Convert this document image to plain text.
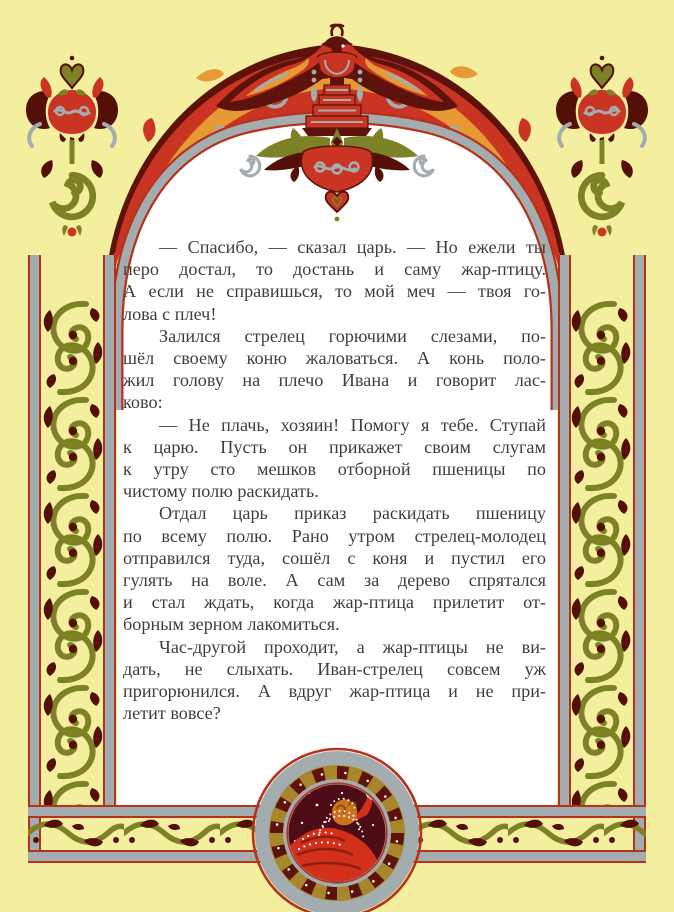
— Спасибо, — сказал царь. — Но ежели ты
перо достал, то достань и саму жар-птицу.
А если не справишься, то мой меч — твоя го-
лова с плеч!
Залился стрелец горючими слезами, по-
шёл своему коню жаловаться. А конь поло-
жил голову на плечо Ивана и говорит лас-
ково:
— Не плачь, хозяин! Помогу я тебе. Ступай
к царю. Пусть он прикажет своим слугам
к утру сто мешков отборной пшеницы по
чистому полю раскидать.
Отдал царь приказ раскидать пшеницу
по всему полю. Рано утром стрелец-молодец
отправился туда, сошёл с коня и пустил его
гулять на воле. А сам за дерево спрятался
и стал ждать, когда жар-птица прилетит от-
борным зерном лакомиться.
Час-другой проходит, а жар-птицы не ви-
дать, не слыхать. Иван-стрелец совсем уж
пригорюнился. А вдруг жар-птица и не при-
летит вовсе?
